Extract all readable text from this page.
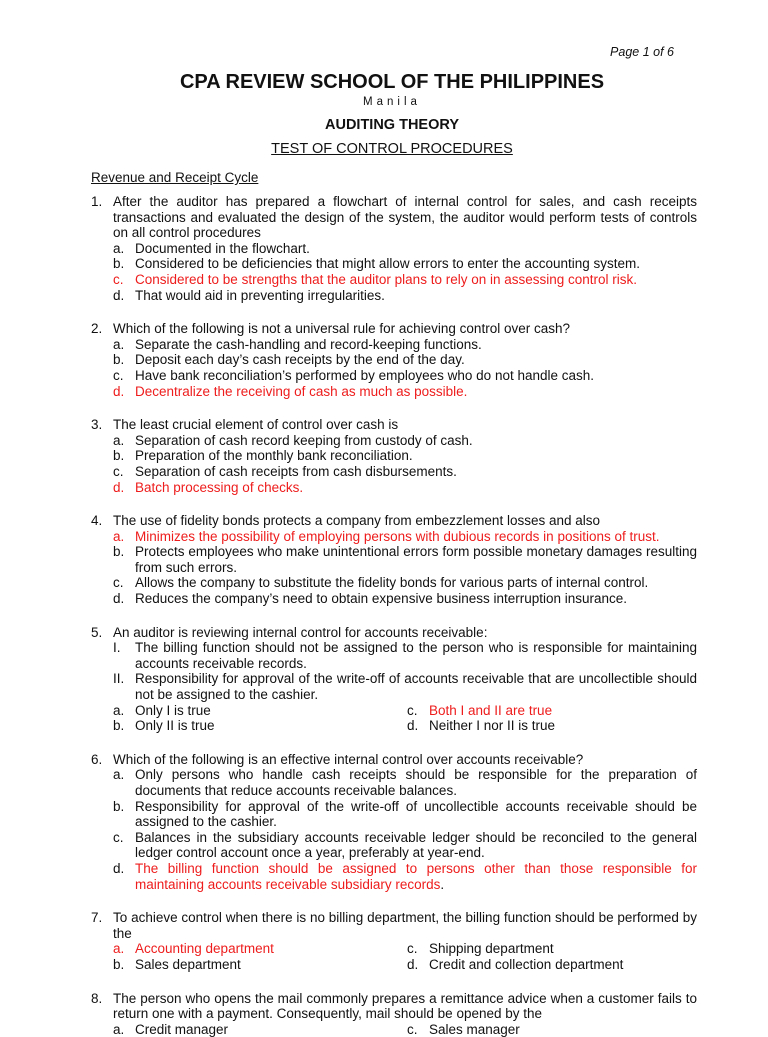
Page 1 of 6
CPA REVIEW SCHOOL OF THE PHILIPPINES
Manila
AUDITING THEORY
TEST OF CONTROL PROCEDURES
Revenue and Receipt Cycle
1. After the auditor has prepared a flowchart of internal control for sales, and cash receipts transactions and evaluated the design of the system, the auditor would perform tests of controls on all control procedures
a. Documented in the flowchart.
b. Considered to be deficiencies that might allow errors to enter the accounting system.
c. Considered to be strengths that the auditor plans to rely on in assessing control risk.
d. That would aid in preventing irregularities.
2. Which of the following is not a universal rule for achieving control over cash?
a. Separate the cash-handling and record-keeping functions.
b. Deposit each day’s cash receipts by the end of the day.
c. Have bank reconciliation’s performed by employees who do not handle cash.
d. Decentralize the receiving of cash as much as possible.
3. The least crucial element of control over cash is
a. Separation of cash record keeping from custody of cash.
b. Preparation of the monthly bank reconciliation.
c. Separation of cash receipts from cash disbursements.
d. Batch processing of checks.
4. The use of fidelity bonds protects a company from embezzlement losses and also
a. Minimizes the possibility of employing persons with dubious records in positions of trust.
b. Protects employees who make unintentional errors form possible monetary damages resulting from such errors.
c. Allows the company to substitute the fidelity bonds for various parts of internal control.
d. Reduces the company’s need to obtain expensive business interruption insurance.
5. An auditor is reviewing internal control for accounts receivable:
I. The billing function should not be assigned to the person who is responsible for maintaining accounts receivable records.
II. Responsibility for approval of the write-off of accounts receivable that are uncollectible should not be assigned to the cashier.
a. Only I is true	c. Both I and II are true
b. Only II is true	d. Neither I nor II is true
6. Which of the following is an effective internal control over accounts receivable?
a. Only persons who handle cash receipts should be responsible for the preparation of documents that reduce accounts receivable balances.
b. Responsibility for approval of the write-off of uncollectible accounts receivable should be assigned to the cashier.
c. Balances in the subsidiary accounts receivable ledger should be reconciled to the general ledger control account once a year, preferably at year-end.
d. The billing function should be assigned to persons other than those responsible for maintaining accounts receivable subsidiary records.
7. To achieve control when there is no billing department, the billing function should be performed by the
a. Accounting department	c. Shipping department
b. Sales department	d. Credit and collection department
8. The person who opens the mail commonly prepares a remittance advice when a customer fails to return one with a payment. Consequently, mail should be opened by the
a. Credit manager	c. Sales manager
